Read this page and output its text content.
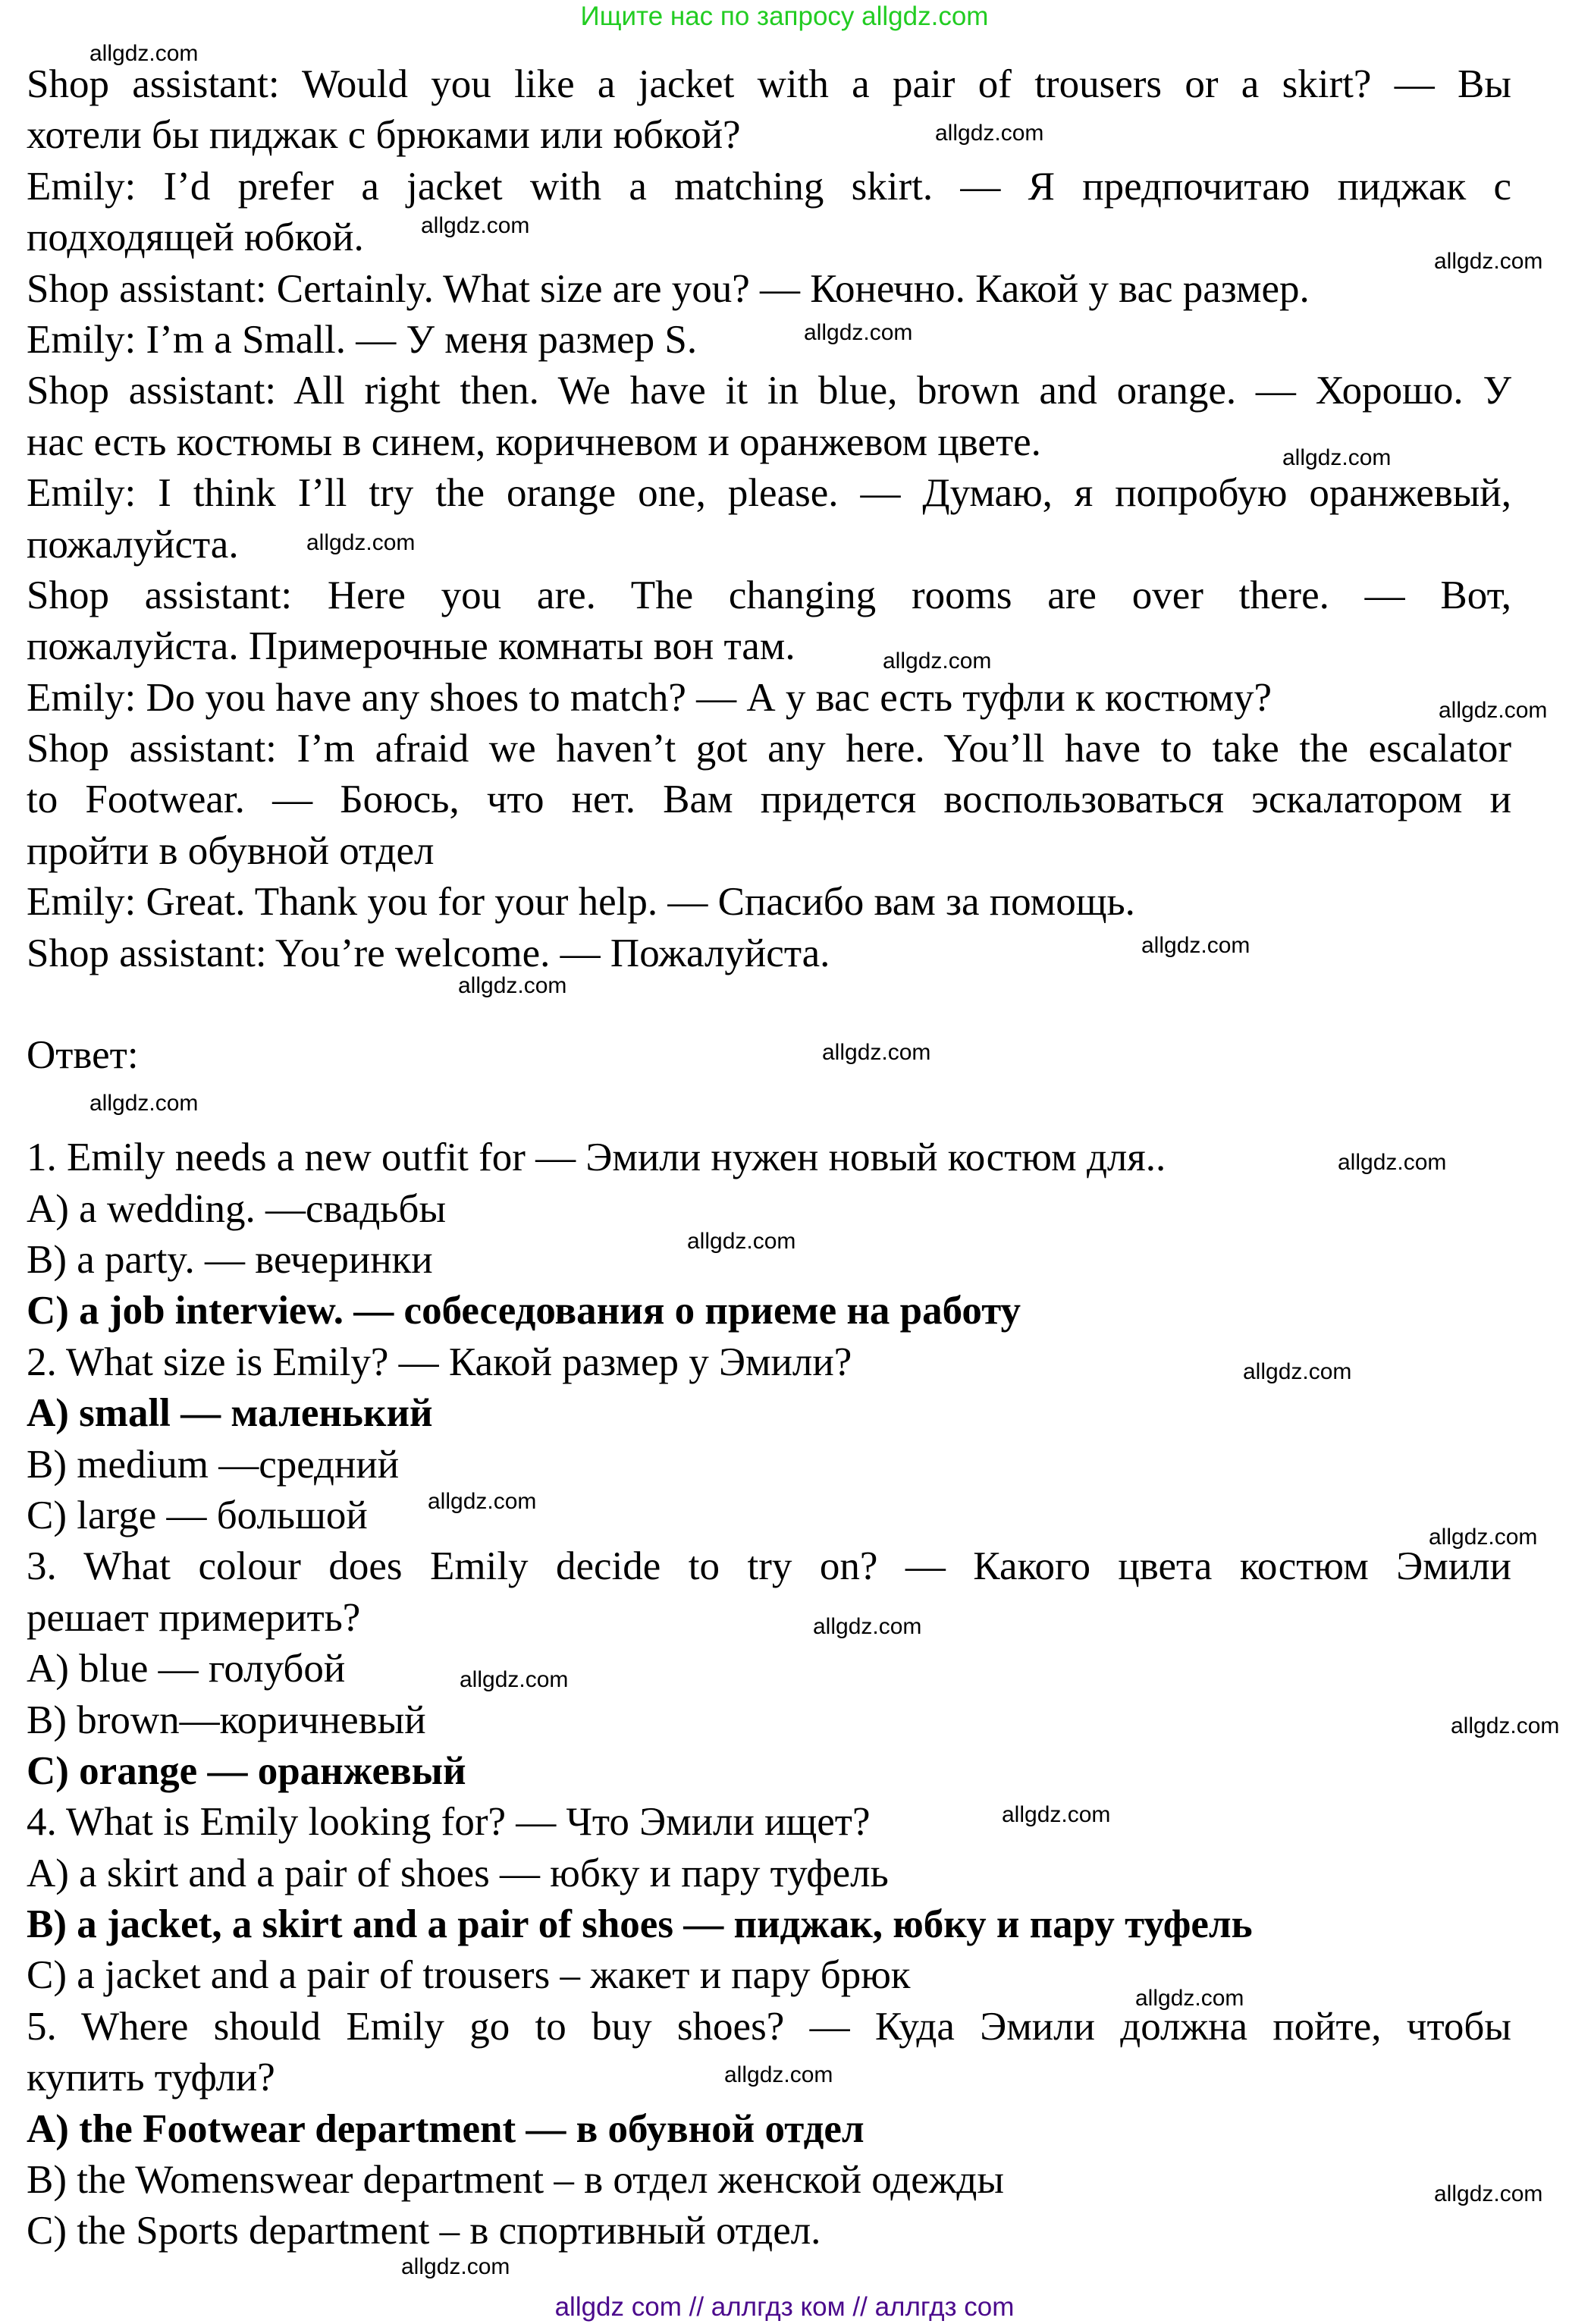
Ищите нас по запросу allgdz.com
Shop assistant: Would you like a jacket with a pair of trousers or a skirt? — Вы
хотели бы пиджак с брюками или юбкой?
Emily: I’d prefer a jacket with a matching skirt. — Я предпочитаю пиджак с
подходящей юбкой.
Shop assistant: Certainly. What size are you? — Конечно. Какой у вас размер.
Emily: I’m a Small. — У меня размер S.
Shop assistant: All right then. We have it in blue, brown and orange. — Хорошо. У
нас есть костюмы в синем, коричневом и оранжевом цвете.
Emily: I think I’ll try the orange one, please. — Думаю, я попробую оранжевый,
пожалуйста.
Shop assistant: Here you are. The changing rooms are over there. — Вот,
пожалуйста. Примерочные комнаты вон там.
Emily: Do you have any shoes to match? — А у вас есть туфли к костюму?
Shop assistant: I’m afraid we haven’t got any here. You’ll have to take the escalator
to Footwear. — Боюсь, что нет. Вам придется воспользоваться эскалатором и
пройти в обувной отдел
Emily: Great. Thank you for your help. — Спасибо вам за помощь.
Shop assistant: You’re welcome. — Пожалуйста.
Ответ:
1. Emily needs a new outfit for — Эмили нужен новый костюм для..
A) a wedding. —свадьбы
B) a party. — вечеринки
C) a job interview. — собеседования о приеме на работу
2. What size is Emily? — Какой размер у Эмили?
A) small — маленький
B) medium —средний
C) large — большой
3. What colour does Emily decide to try on? — Какого цвета костюм Эмили
решает примерить?
A) blue — голубой
B) brown—коричневый
C) orange — оранжевый
4. What is Emily looking for? — Что Эмили ищет?
A) a skirt and a pair of shoes — юбку и пару туфель
B) a jacket, a skirt and a pair of shoes — пиджак, юбку и пару туфель
C) a jacket and a pair of trousers – жакет и пару брюк
5. Where should Emily go to buy shoes? — Куда Эмили должна пойте, чтобы
купить туфли?
A) the Footwear department — в обувной отдел
B) the Womenswear department – в отдел женской одежды
C) the Sports department – в спортивный отдел.
allgdz.com
allgdz.com
allgdz.com
allgdz.com
allgdz.com
allgdz.com
allgdz.com
allgdz.com
allgdz.com
allgdz.com
allgdz.com
allgdz.com
allgdz.com
allgdz.com
allgdz.com
allgdz.com
allgdz.com
allgdz.com
allgdz.com
allgdz.com
allgdz.com
allgdz.com
allgdz.com
allgdz.com
allgdz.com
allgdz.com
allgdz com // аллгдз ком // аллгдз com
